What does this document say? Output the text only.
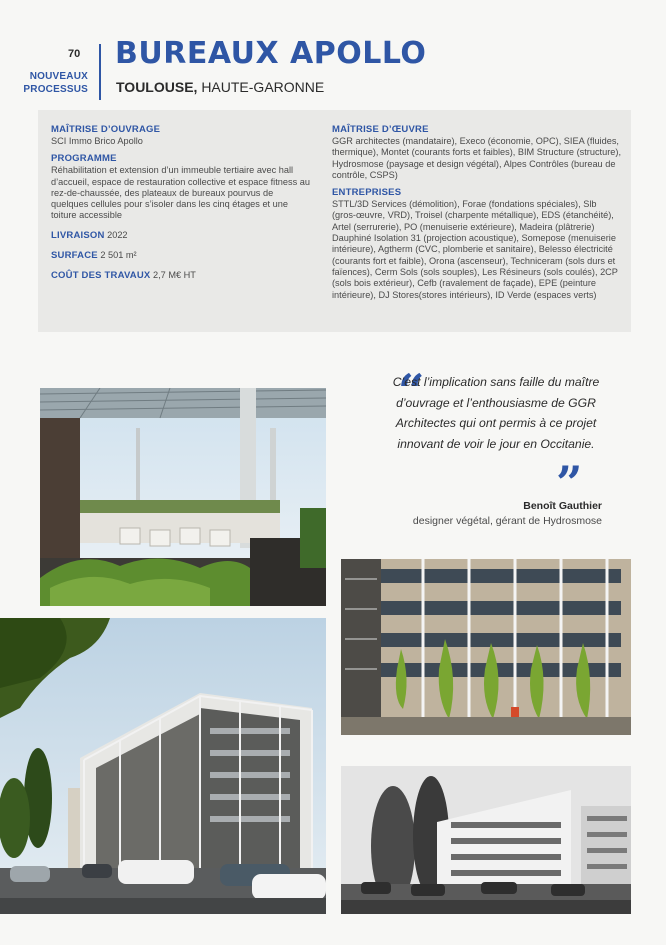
70
NOUVEAUX
PROCESSUS
BUREAUX APOLLO
TOULOUSE, HAUTE-GARONNE
MAÎTRISE D’OUVRAGE
SCI Immo Brico Apollo
PROGRAMME
Réhabilitation et extension d’un immeuble tertiaire avec hall d’accueil, espace de restauration collective et espace fitness au rez-de-chaussée, des plateaux de bureaux pourvus de quelques cellules pour s’isoler dans les cinq étages et une toiture accessible
LIVRAISON 2022
SURFACE 2 501 m²
COÛT DES TRAVAUX 2,7 M€ HT
MAÎTRISE D’ŒUVRE
GGR architectes (mandataire), Execo (économie, OPC), SIEA (fluides, thermique), Montet (courants forts et faibles), BIM Structure (structure), Hydrosmose (paysage et design végétal), Alpes Contrôles (bureau de contrôle, CSPS)
ENTREPRISES
STTL/3D Services (démolition), Forae (fondations spéciales), Slb (gros-œuvre, VRD), Troisel (charpente métallique), EDS (étanchéité), Artel (serrurerie), PO (menuiserie extérieure), Madeira (plâtrerie) Dauphiné Isolation 31 (projection acoustique), Somepose (menuiserie intérieure), Agtherm (CVC, plomberie et sanitaire), Belesso électricité (courants fort et faible), Orona (ascenseur), Techniceram (sols durs et faïences), Cerm Sols (sols souples), Les Résineurs (sols coulés), 2CP (sols bois extérieur), Cefb (ravalement de façade), EPE (peinture intérieure), DJ Stores(stores intérieurs), ID Verde (espaces verts)
“
C’est l’implication sans faille du maître d’ouvrage et l’enthousiasme de GGR Architectes qui ont permis à ce projet innovant de voir le jour en Occitanie.
”
Benoît Gauthier
designer végétal, gérant de Hydrosmose
